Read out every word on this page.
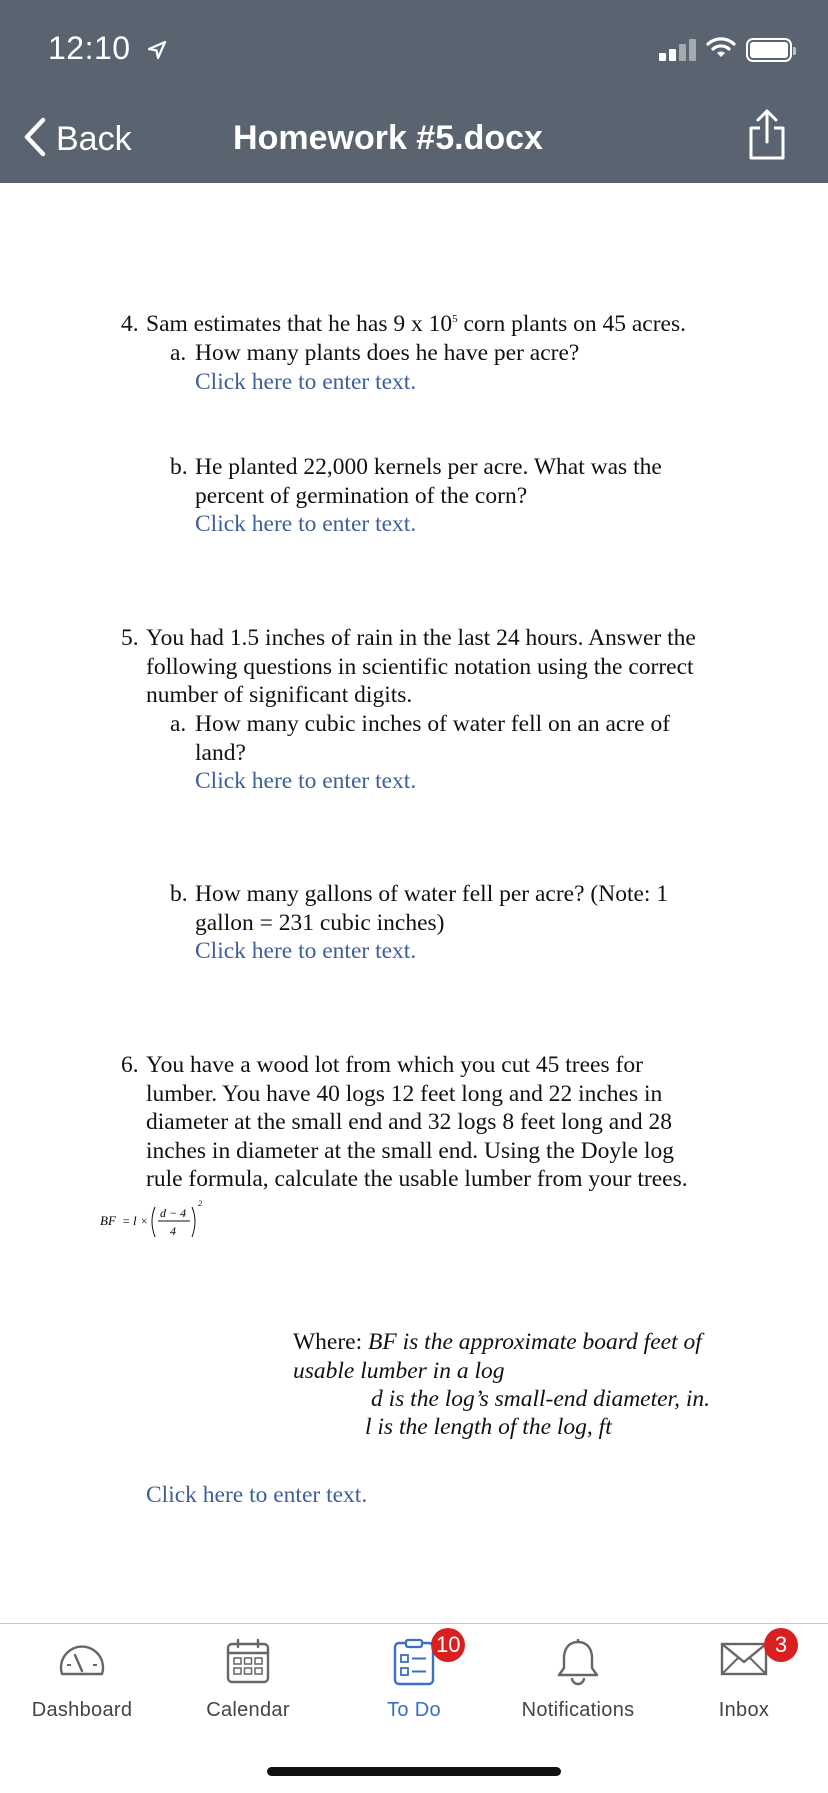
12:10
Back	Homework #5.docx
4. Sam estimates that he has 9 x $10^5$ corn plants on 45 acres.
a. How many plants does he have per acre?
Click here to enter text.
b. He planted 22,000 kernels per acre. What was the
percent of germination of the corn?
Click here to enter text.
5. You had 1.5 inches of rain in the last 24 hours. Answer the
following questions in scientific notation using the correct
number of significant digits.
a. How many cubic inches of water fell on an acre of
land?
Click here to enter text.
b. How many gallons of water fell per acre? (Note: 1
gallon = 231 cubic inches)
Click here to enter text.
6. You have a wood lot from which you cut 45 trees for
lumber. You have 40 logs 12 feet long and 22 inches in
diameter at the small end and 32 logs 8 feet long and 28
inches in diameter at the small end. Using the Doyle log
rule formula, calculate the usable lumber from your trees.
BF = l ×
d − 4
4
2
Where: BF is the approximate board feet of
usable lumber in a log
d is the log’s small-end diameter, in.
l is the length of the log, ft
Click here to enter text.
Dashboard	Calendar
10
To Do	Notifications
3
Inbox
